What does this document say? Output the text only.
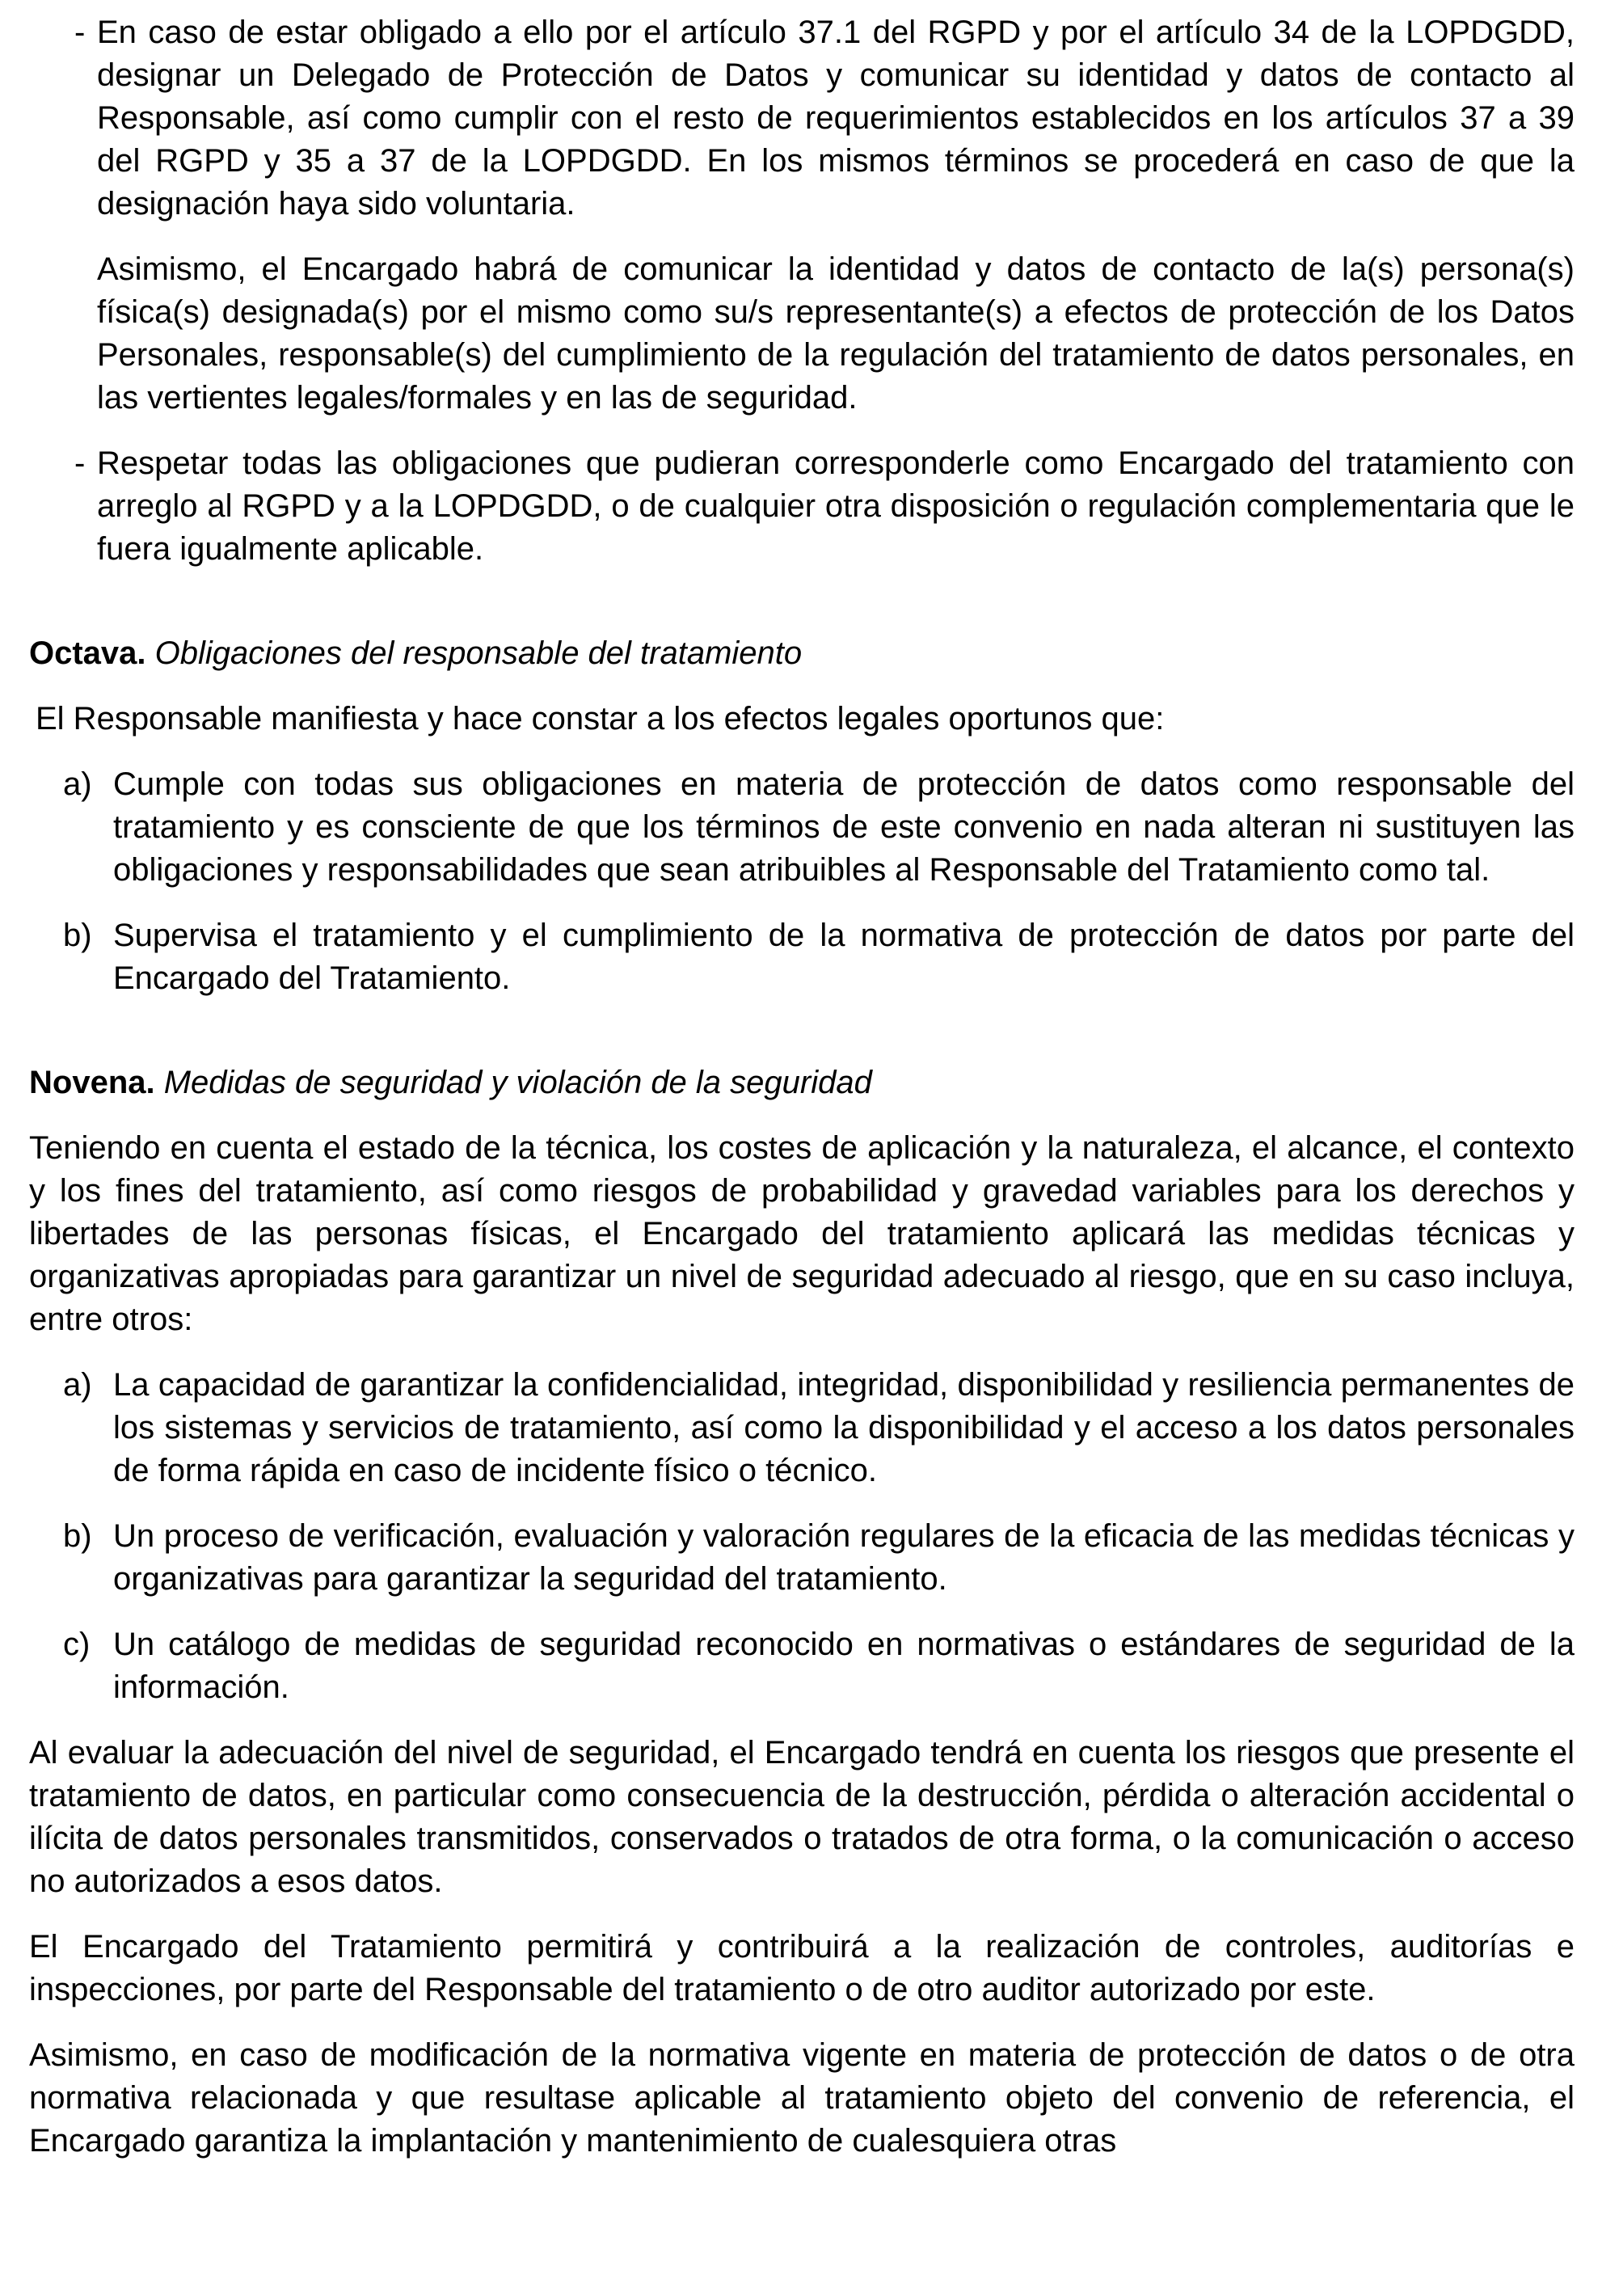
- En caso de estar obligado a ello por el artículo 37.1 del RGPD y por el artículo 34 de la LOPDGDD, designar un Delegado de Protección de Datos y comunicar su identidad y datos de contacto al Responsable, así como cumplir con el resto de requerimientos establecidos en los artículos 37 a 39 del RGPD y 35 a 37 de la LOPDGDD. En los mismos términos se procederá en caso de que la designación haya sido voluntaria.
Asimismo, el Encargado habrá de comunicar la identidad y datos de contacto de la(s) persona(s) física(s) designada(s) por el mismo como su/s representante(s) a efectos de protección de los Datos Personales, responsable(s) del cumplimiento de la regulación del tratamiento de datos personales, en las vertientes legales/formales y en las de seguridad.
- Respetar todas las obligaciones que pudieran corresponderle como Encargado del tratamiento con arreglo al RGPD y a la LOPDGDD, o de cualquier otra disposición o regulación complementaria que le fuera igualmente aplicable.
Octava. Obligaciones del responsable del tratamiento
El Responsable manifiesta y hace constar a los efectos legales oportunos que:
a) Cumple con todas sus obligaciones en materia de protección de datos como responsable del tratamiento y es consciente de que los términos de este convenio en nada alteran ni sustituyen las obligaciones y responsabilidades que sean atribuibles al Responsable del Tratamiento como tal.
b) Supervisa el tratamiento y el cumplimiento de la normativa de protección de datos por parte del Encargado del Tratamiento.
Novena. Medidas de seguridad y violación de la seguridad
Teniendo en cuenta el estado de la técnica, los costes de aplicación y la naturaleza, el alcance, el contexto y los fines del tratamiento, así como riesgos de probabilidad y gravedad variables para los derechos y libertades de las personas físicas, el Encargado del tratamiento aplicará las medidas técnicas y organizativas apropiadas para garantizar un nivel de seguridad adecuado al riesgo, que en su caso incluya, entre otros:
a) La capacidad de garantizar la confidencialidad, integridad, disponibilidad y resiliencia permanentes de los sistemas y servicios de tratamiento, así como la disponibilidad y el acceso a los datos personales de forma rápida en caso de incidente físico o técnico.
b) Un proceso de verificación, evaluación y valoración regulares de la eficacia de las medidas técnicas y organizativas para garantizar la seguridad del tratamiento.
c) Un catálogo de medidas de seguridad reconocido en normativas o estándares de seguridad de la información.
Al evaluar la adecuación del nivel de seguridad, el Encargado tendrá en cuenta los riesgos que presente el tratamiento de datos, en particular como consecuencia de la destrucción, pérdida o alteración accidental o ilícita de datos personales transmitidos, conservados o tratados de otra forma, o la comunicación o acceso no autorizados a esos datos.
El Encargado del Tratamiento permitirá y contribuirá a la realización de controles, auditorías e inspecciones, por parte del Responsable del tratamiento o de otro auditor autorizado por este.
Asimismo, en caso de modificación de la normativa vigente en materia de protección de datos o de otra normativa relacionada y que resultase aplicable al tratamiento objeto del convenio de referencia, el Encargado garantiza la implantación y mantenimiento de cualesquiera otras
